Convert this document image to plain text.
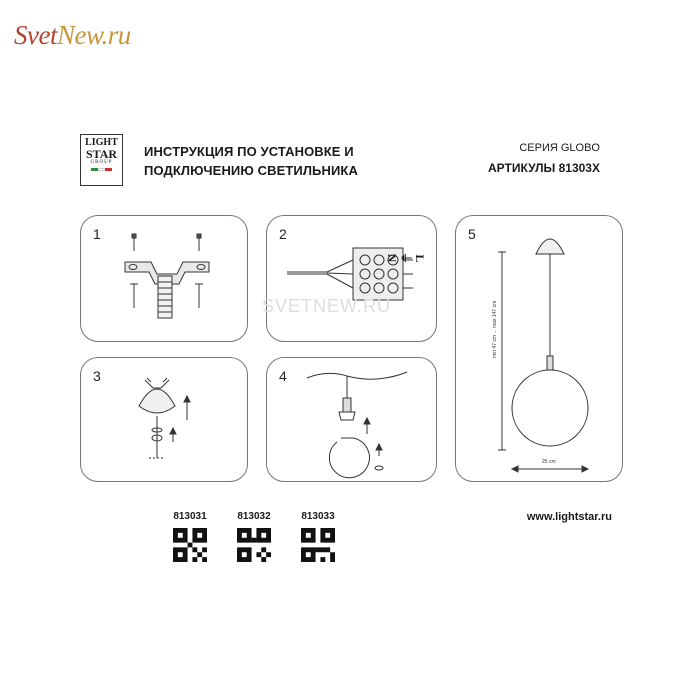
SvetNew.ru
LIGHT
STAR
GROUP
ИНСТРУКЦИЯ ПО УСТАНОВКЕ И
ПОДКЛЮЧЕНИЮ СВЕТИЛЬНИКА
СЕРИЯ GLOBO
АРТИКУЛЫ 81303X
1	2
L ⏚ N
5
min 47 cm ... max 147 cm
25 cm
3	4
SVETNEW.RU
813031	813032	813033	www.lightstar.ru
